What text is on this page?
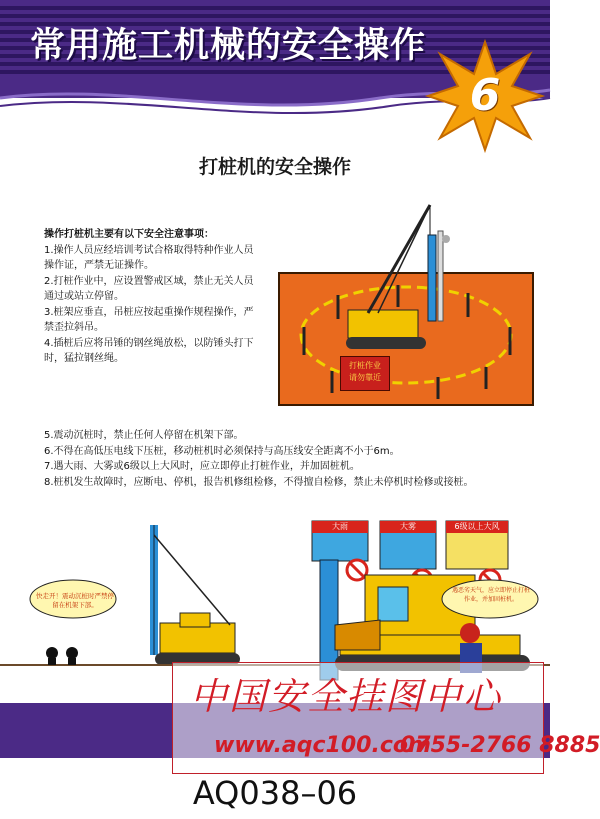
常用施工机械的安全操作
6
打桩机的安全操作
操作打桩机主要有以下安全注意事项：
1.操作人员应经培训考试合格取得特种作业人员操作证，严禁无证操作。
2.打桩作业中，应设置警戒区域，禁止无关人员通过或站立停留。
3.桩架应垂直，吊桩应按起重操作规程操作，严禁歪拉斜吊。
4.插桩后应将吊锤的钢丝绳放松，以防锤头打下时，猛拉钢丝绳。
打桩作业
请勿靠近
5.震动沉桩时，禁止任何人停留在机架下部。
6.不得在高低压电线下压桩，移动桩机时必须保持与高压线安全距离不小于6m。
7.遇大雨、大雾或6级以上大风时，应立即停止打桩作业，并加固桩机。
8.桩机发生故障时，应断电、停机，报告机修组检修，不得擅自检修，禁止未停机时检修或接桩。
大雨	大雾	6级以上大风
快走开！震动沉桩时严禁停留在机架下部。
遇恶劣天气，应立即停止打桩作业，并加固桩机。
中国安全挂图中心
www.aqc100.com
0755-2766 8885
AQ038–06
